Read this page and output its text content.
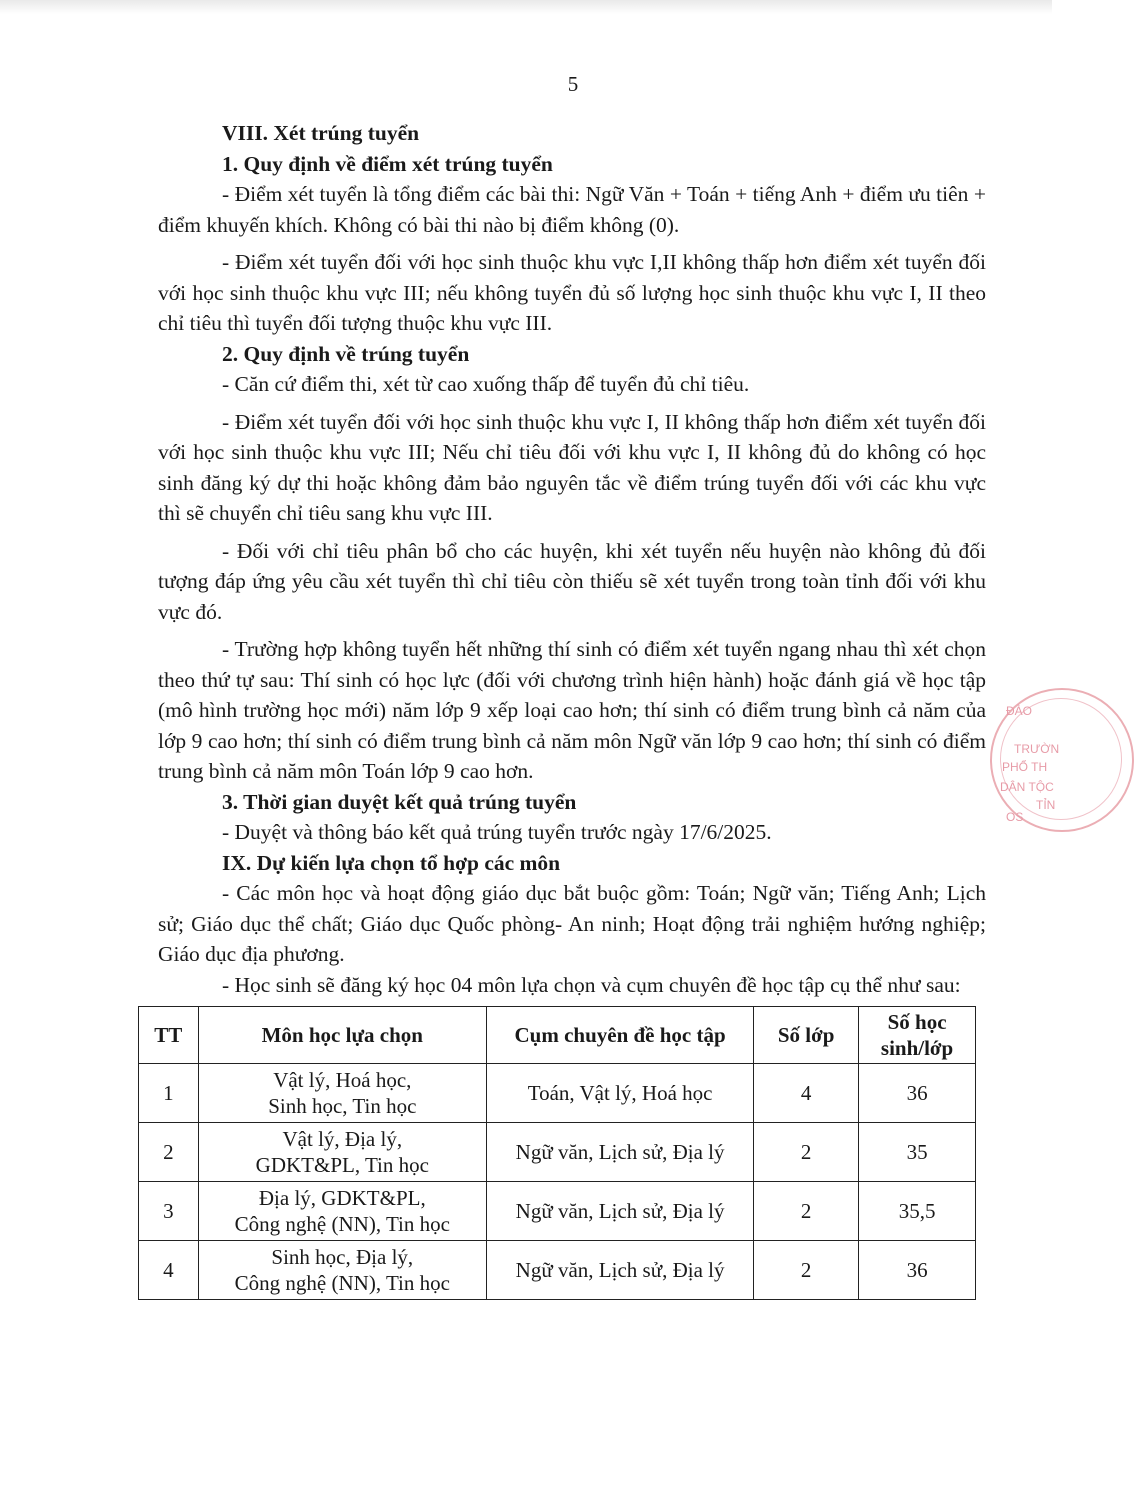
5

VIII. Xét trúng tuyển

1. Quy định về điểm xét trúng tuyển

- Điểm xét tuyển là tổng điểm các bài thi: Ngữ Văn + Toán + tiếng Anh + điểm ưu tiên + điểm khuyến khích. Không có bài thi nào bị điểm không (0).

- Điểm xét tuyển đối với học sinh thuộc khu vực I,II không thấp hơn điểm xét tuyển đối với học sinh thuộc khu vực III; nếu không tuyển đủ số lượng học sinh thuộc khu vực I, II theo chỉ tiêu thì tuyển đối tượng thuộc khu vực III.

2. Quy định về trúng tuyển

- Căn cứ điểm thi, xét từ cao xuống thấp để tuyển đủ chỉ tiêu.

- Điểm xét tuyển đối với học sinh thuộc khu vực I, II không thấp hơn điểm xét tuyển đối với học sinh thuộc khu vực III; Nếu chỉ tiêu đối với khu vực I, II không đủ do không có học sinh đăng ký dự thi hoặc không đảm bảo nguyên tắc về điểm trúng tuyển đối với các khu vực thì sẽ chuyển chỉ tiêu sang khu vực III.

- Đối với chỉ tiêu phân bổ cho các huyện, khi xét tuyển nếu huyện nào không đủ đối tượng đáp ứng yêu cầu xét tuyển thì chỉ tiêu còn thiếu sẽ xét tuyển trong toàn tỉnh đối với khu vực đó.

- Trường hợp không tuyển hết những thí sinh có điểm xét tuyển ngang nhau thì xét chọn theo thứ tự sau: Thí sinh có học lực (đối với chương trình hiện hành) hoặc đánh giá về học tập (mô hình trường học mới) năm lớp 9 xếp loại cao hơn; thí sinh có điểm trung bình cả năm của lớp 9 cao hơn; thí sinh có điểm trung bình cả năm môn Ngữ văn lớp 9 cao hơn; thí sinh có điểm trung bình cả năm môn Toán lớp 9 cao hơn.

3. Thời gian duyệt kết quả trúng tuyển

- Duyệt và thông báo kết quả trúng tuyển trước ngày 17/6/2025.

IX. Dự kiến lựa chọn tổ hợp các môn

- Các môn học và hoạt động giáo dục bắt buộc gồm: Toán; Ngữ văn; Tiếng Anh; Lịch sử; Giáo dục thể chất; Giáo dục Quốc phòng- An ninh; Hoạt động trải nghiệm hướng nghiệp; Giáo dục địa phương.

- Học sinh sẽ đăng ký học 04 môn lựa chọn và cụm chuyên đề học tập cụ thể như sau:

TT	Môn học lựa chọn	Cụm chuyên đề học tập	Số lớp	Số học sinh/lớp
1	Vật lý, Hoá học,
Sinh học, Tin học	Toán, Vật lý, Hoá học	4	36
2	Vật lý, Địa lý,
GDKT&PL, Tin học	Ngữ văn, Lịch sử, Địa lý	2	35
3	Địa lý, GDKT&PL,
Công nghệ (NN), Tin học	Ngữ văn, Lịch sử, Địa lý	2	35,5
4	Sinh học, Địa lý,
Công nghệ (NN), Tin học	Ngữ văn, Lịch sử, Địa lý	2	36
ĐÀO
TRƯỜN
PHỔ TH
DÂN TỘC
TỈN
OS
